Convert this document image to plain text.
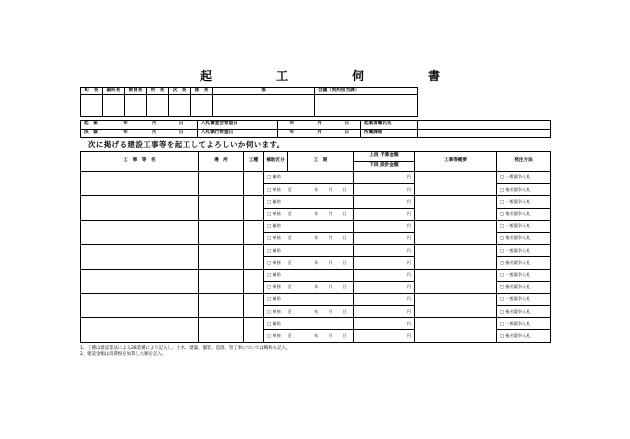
起　工　伺　書
町　長	副町長	教育長	所　長	次　長	係　長	係	合議（契約担当課）

起　案	年	月	日		入札審査会希望日	年	月	日	起案者職氏名	
決　裁	年	月	日		入札執行希望日	年	月	日	所属課係	
次に掲げる建設工事等を起工してよろしいか伺います。
工　事　等　名	場　所	工種	補助区分	工　期	上段 予算金額	工事等概要	発注方法
					下段 設計金額		
			□ 補助		円		□ 一般競争入札
			□ 単独	至 年 月 日	円		□ 指名競争入札
			□ 補助		円		□ 一般競争入札
			□ 単独	至 年 月 日	円		□ 指名競争入札
			□ 補助		円		□ 一般競争入札
			□ 単独	至 年 月 日	円		□ 指名競争入札
			□ 補助		円		□ 一般競争入札
			□ 単独	至 年 月 日	円		□ 指名競争入札
			□ 補助		円		□ 一般競争入札
			□ 単独	至 年 月 日	円		□ 指名競争入札
			□ 補助		円		□ 一般競争入札
			□ 単独	至 年 月 日	円		□ 指名競争入札
			□ 補助		円		□ 一般競争入札
			□ 単独	至 年 月 日	円		□ 指名競争入札
1、工種は建設業法による28業種により記入し、土木、建築、舗装、造園、管工事については略称も記入。
2、建設金額は消費税を加算した額を記入。
